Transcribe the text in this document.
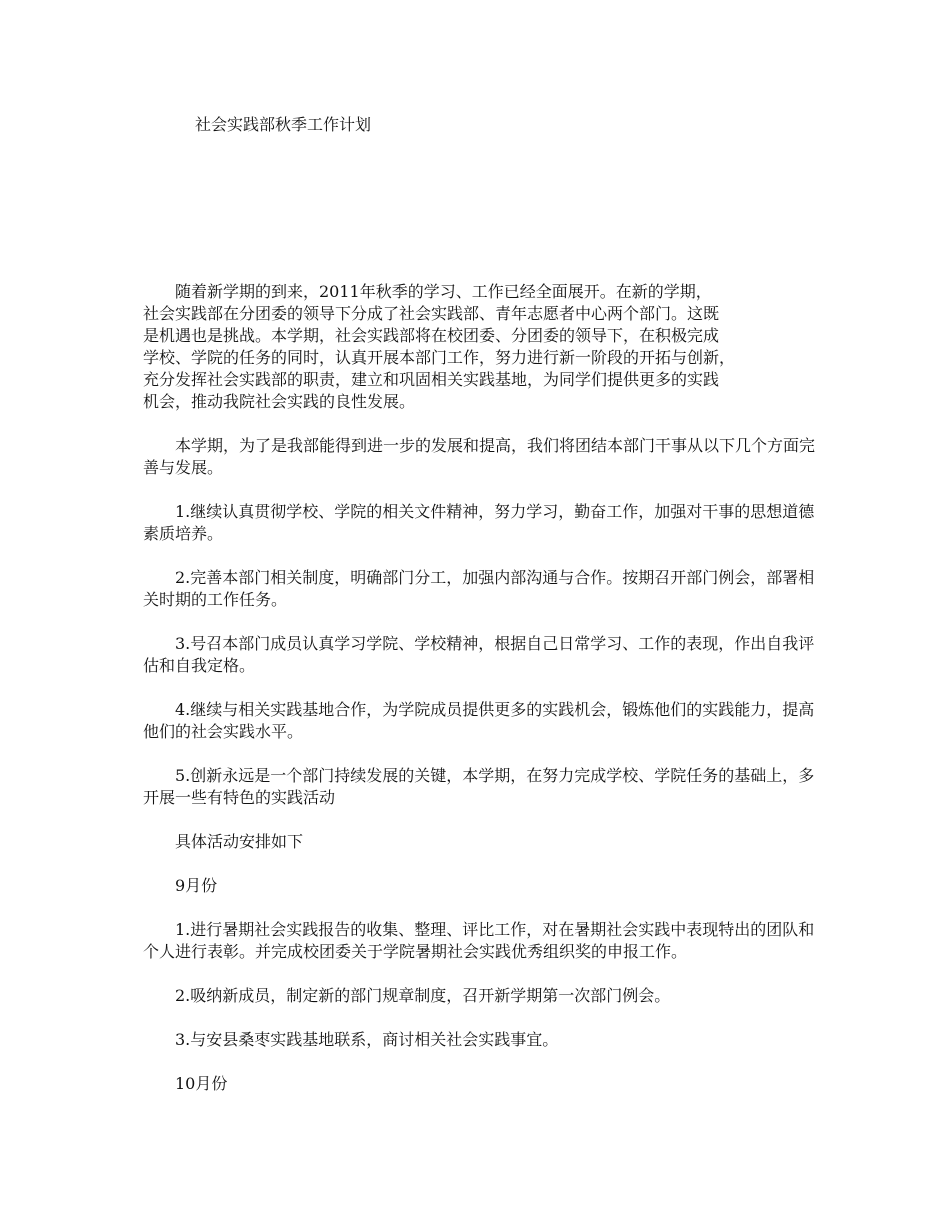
社会实践部秋季工作计划
随着新学期的到来，2011年秋季的学习、工作已经全面展开。在新的学期，
社会实践部在分团委的领导下分成了社会实践部、青年志愿者中心两个部门。这既
是机遇也是挑战。本学期，社会实践部将在校团委、分团委的领导下，在积极完成
学校、学院的任务的同时，认真开展本部门工作，努力进行新一阶段的开拓与创新，
充分发挥社会实践部的职责，建立和巩固相关实践基地，为同学们提供更多的实践
机会，推动我院社会实践的良性发展。

本学期，为了是我部能得到进一步的发展和提高，我们将团结本部门干事从以下几个方面完善与发展。

1.继续认真贯彻学校、学院的相关文件精神，努力学习，勤奋工作，加强对干事的思想道德素质培养。

2.完善本部门相关制度，明确部门分工，加强内部沟通与合作。按期召开部门例会，部署相关时期的工作任务。

3.号召本部门成员认真学习学院、学校精神，根据自己日常学习、工作的表现，作出自我评估和自我定格。

4.继续与相关实践基地合作，为学院成员提供更多的实践机会，锻炼他们的实践能力，提高他们的社会实践水平。

5.创新永远是一个部门持续发展的关键，本学期，在努力完成学校、学院任务的基础上，多开展一些有特色的实践活动

具体活动安排如下

9月份

1.进行暑期社会实践报告的收集、整理、评比工作，对在暑期社会实践中表现特出的团队和个人进行表彰。并完成校团委关于学院暑期社会实践优秀组织奖的申报工作。

2.吸纳新成员，制定新的部门规章制度，召开新学期第一次部门例会。

3.与安县桑枣实践基地联系，商讨相关社会实践事宜。

10月份
